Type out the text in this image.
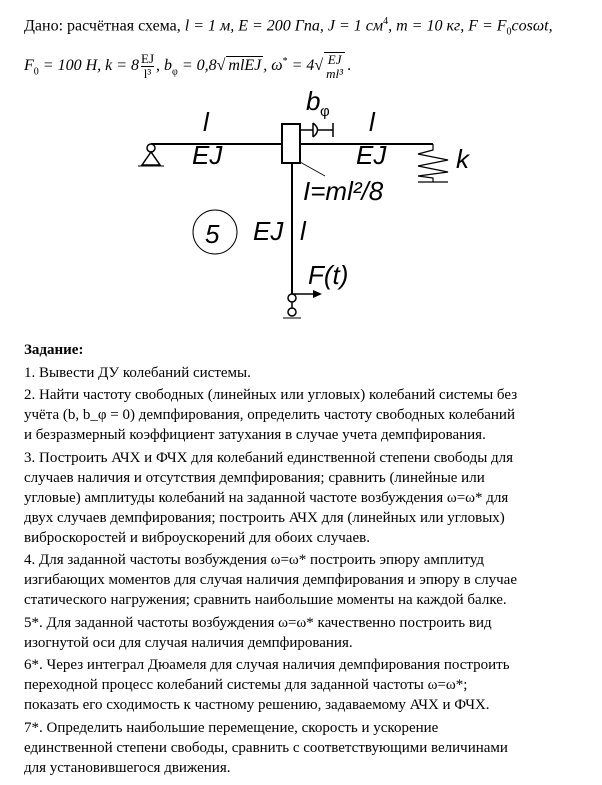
Дано: расчётная схема, l = 1 м, E = 200 Гпа, J = 1 $см^4$, m = 10 кг, $F = F_0\cos\omega t$,
$F_0 = 100$ Н, $k = 8 \frac{EJ}{\text{l³}}$ , $b_\varphi = 0,8√$ mlEJ , ω* = 4√ EJ
ml³ .
l
EJ
b φ l
EJ	k
I=ml²/8
5 EJ l
F(t)
Задание:
1. Вывести ДУ колебаний системы.
2. Найти частоту свободных (линейных или угловых) колебаний системы без
учёта (b, b_φ = 0) демпфирования, определить частоту свободных колебаний
и безразмерный коэффициент затухания в случае учета демпфирования.
3. Построить АЧХ и ФЧХ для колебаний единственной степени свободы для
случаев наличия и отсутствия демпфирования; сравнить (линейные или
угловые) амплитуды колебаний на заданной частоте возбуждения ω=ω* для
двух случаев демпфирования; построить АЧХ для (линейных или угловых)
виброскоростей и виброускорений для обоих случаев.
4. Для заданной частоты возбуждения ω=ω* построить эпюру амплитуд
изгибающих моментов для случая наличия демпфирования и эпюру в случае
статического нагружения; сравнить наибольшие моменты на каждой балке.
5*. Для заданной частоты возбуждения ω=ω* качественно построить вид
изогнутой оси для случая наличия демпфирования.
6*. Через интеграл Дюамеля для случая наличия демпфирования построить
переходной процесс колебаний системы для заданной частоты ω=ω*;
показать его сходимость к частному решению, задаваемому АЧХ и ФЧХ.
7*. Определить наибольшие перемещение, скорость и ускорение
единственной степени свободы, сравнить с соответствующими величинами
для установившегося движения.
